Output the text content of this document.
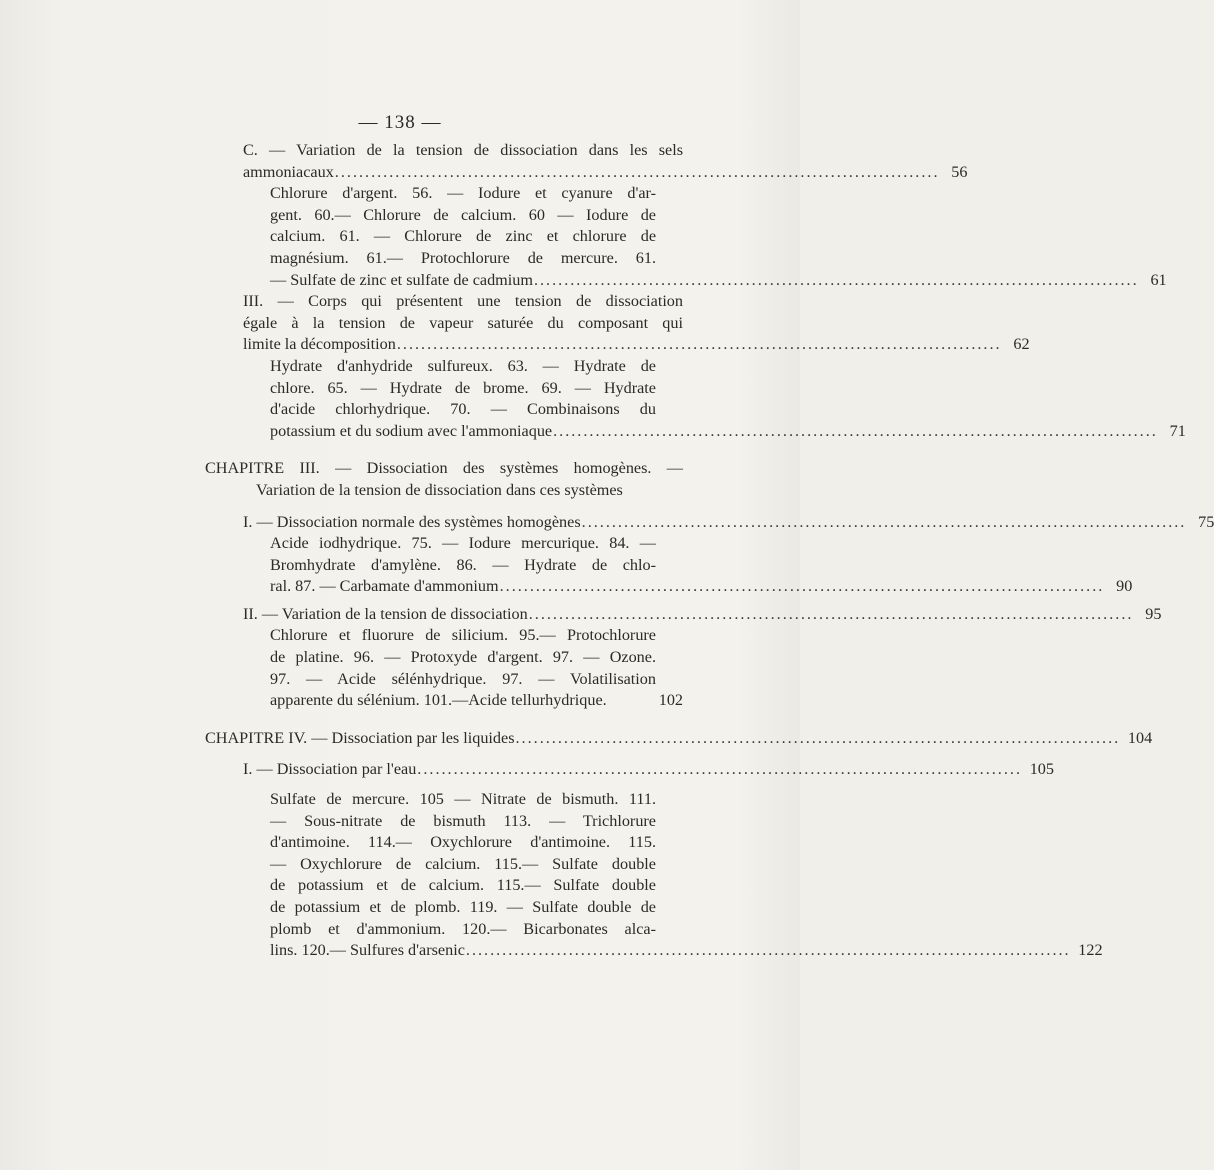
— 138 —
C. — Variation de la tension de dissociation dans les sels
ammoniacaux .................................................................................................... 56
Chlorure d'argent. 56. — Iodure et cyanure d'ar-
gent. 60.— Chlorure de calcium. 60 — Iodure de
calcium. 61. — Chlorure de zinc et chlorure de
magnésium. 61.— Protochlorure de mercure. 61.
— Sulfate de zinc et sulfate de cadmium .................................................................................................... 61
III. — Corps qui présentent une tension de dissociation
égale à la tension de vapeur saturée du composant qui
limite la décomposition .................................................................................................... 62
Hydrate d'anhydride sulfureux. 63. — Hydrate de
chlore. 65. — Hydrate de brome. 69. — Hydrate
d'acide chlorhydrique. 70. — Combinaisons du
potassium et du sodium avec l'ammoniaque .................................................................................................... 71
CHAPITRE III. — Dissociation des systèmes homogènes. —
Variation de la tension de dissociation dans ces systèmes
I. — Dissociation normale des systèmes homogènes .................................................................................................... 75
Acide iodhydrique. 75. — Iodure mercurique. 84. —
Bromhydrate d'amylène. 86. — Hydrate de chlo-
ral. 87. — Carbamate d'ammonium .................................................................................................... 90
II. — Variation de la tension de dissociation .................................................................................................... 95
Chlorure et fluorure de silicium. 95.— Protochlorure
de platine. 96. — Protoxyde d'argent. 97. — Ozone.
97. — Acide sélénhydrique. 97. — Volatilisation
apparente du sélénium. 101.—Acide tellurhydrique.	102
CHAPITRE IV. — Dissociation par les liquides .................................................................................................... 104
I. — Dissociation par l'eau .................................................................................................... 105
Sulfate de mercure. 105 — Nitrate de bismuth. 111.
— Sous-nitrate de bismuth 113. — Trichlorure
d'antimoine. 114.— Oxychlorure d'antimoine. 115.
— Oxychlorure de calcium. 115.— Sulfate double
de potassium et de calcium. 115.— Sulfate double
de potassium et de plomb. 119. — Sulfate double de
plomb et d'ammonium. 120.— Bicarbonates alca-
lins. 120.— Sulfures d'arsenic .................................................................................................... 122
